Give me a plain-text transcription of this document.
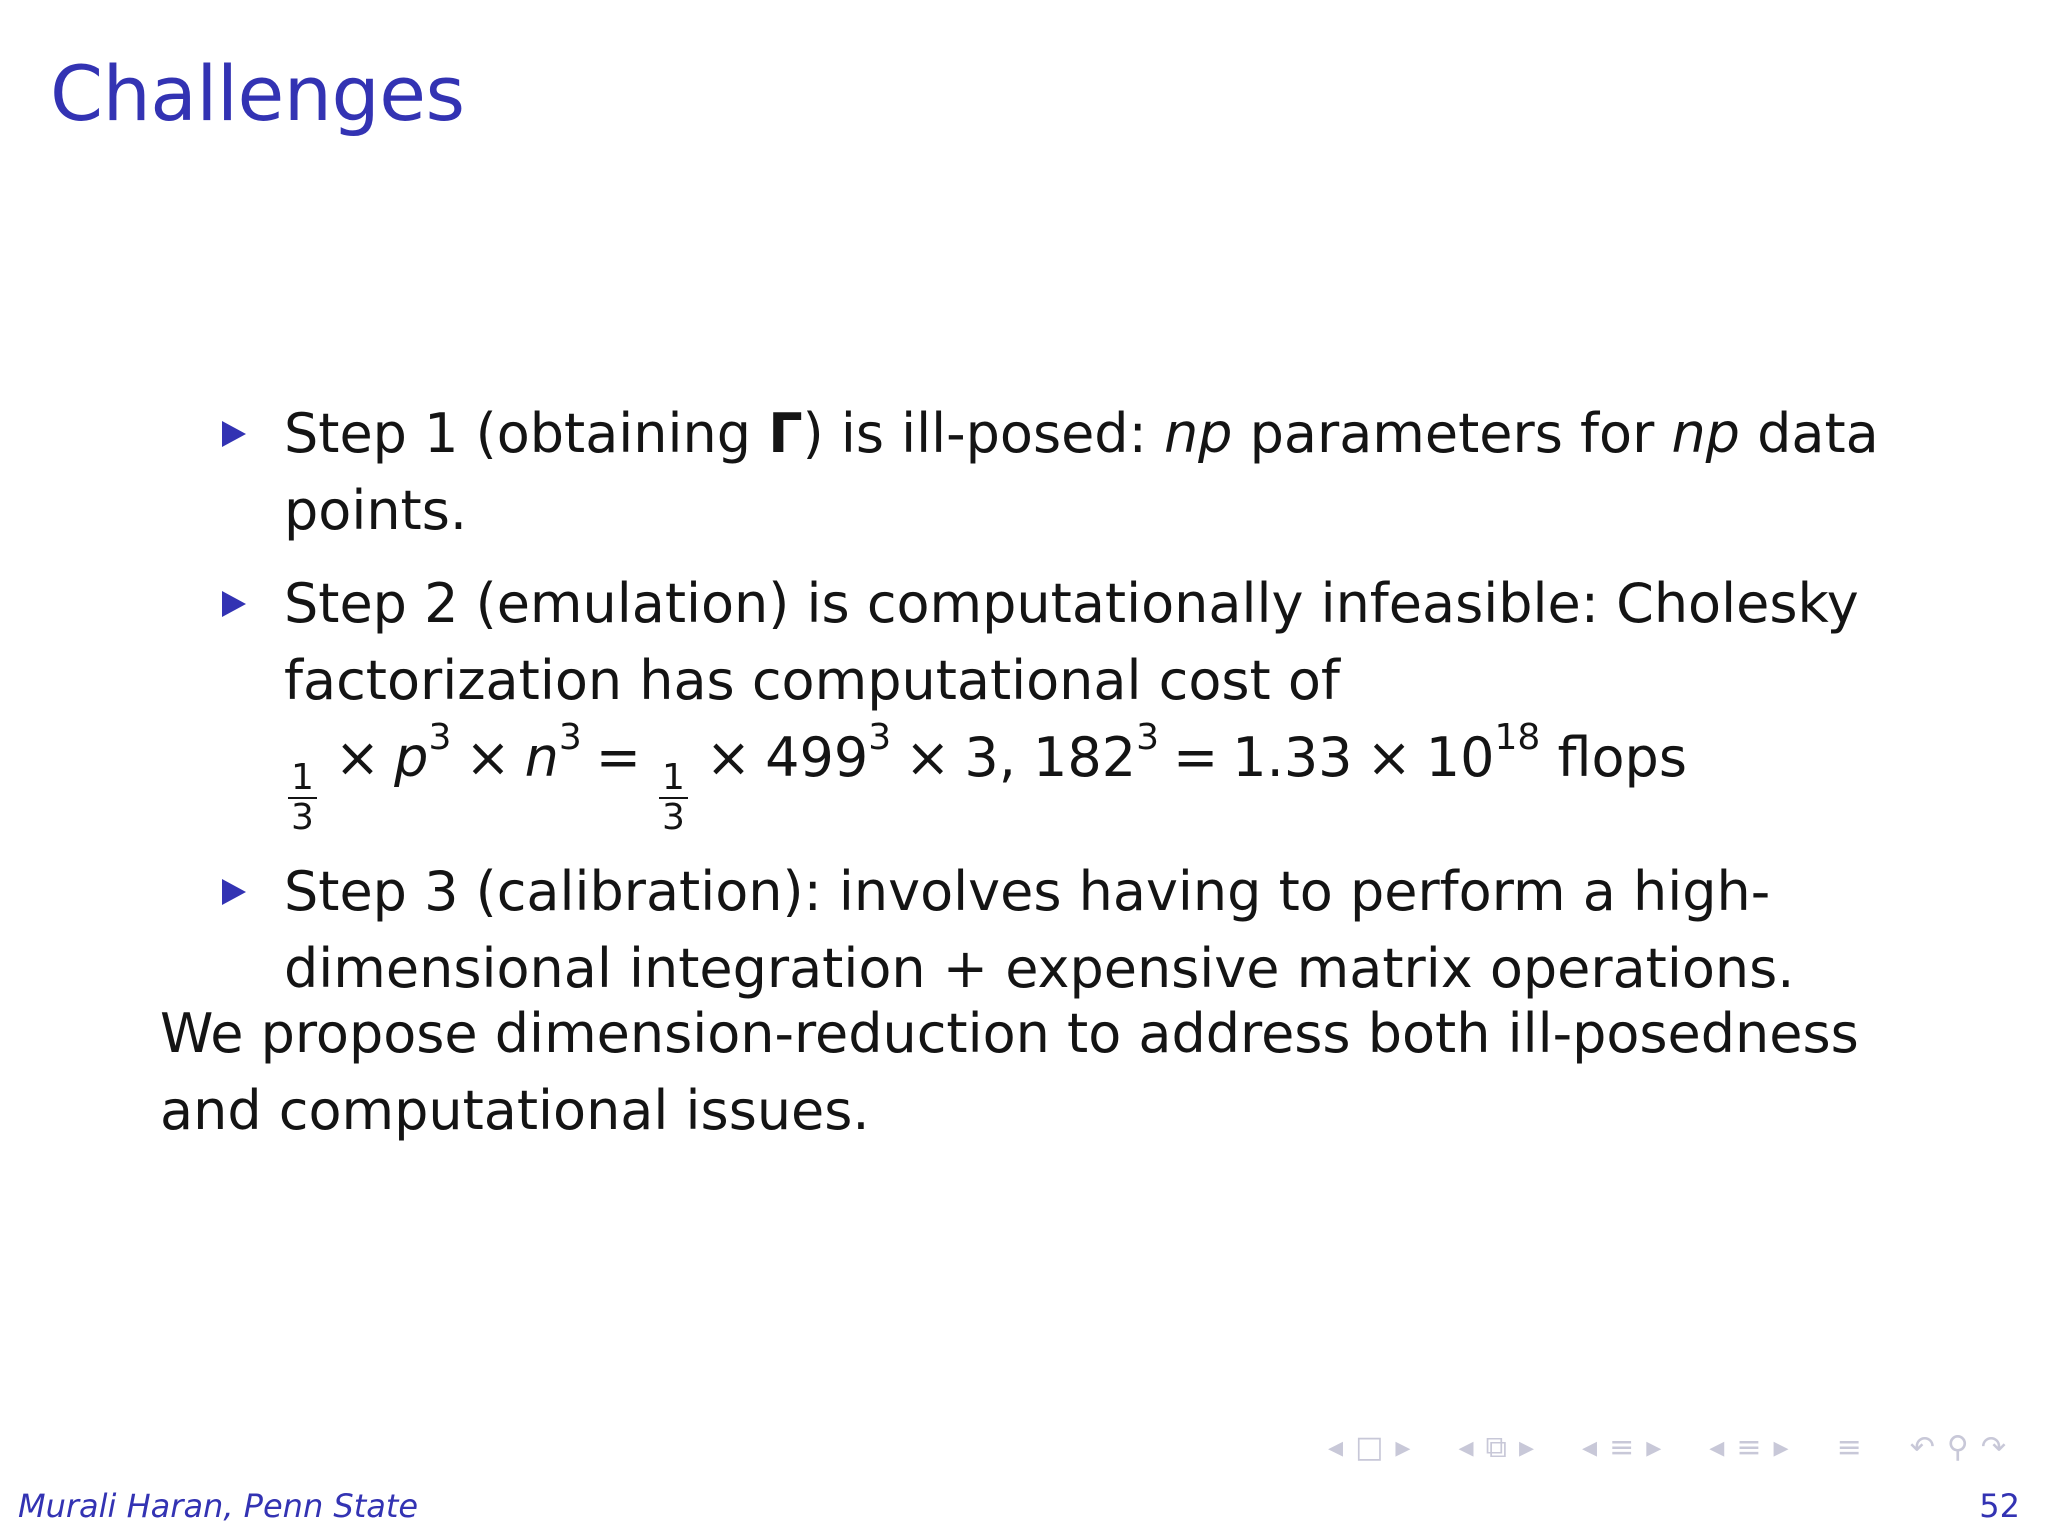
Challenges
Step 1 (obtaining Γ) is ill-posed: np parameters for np data points.
Step 2 (emulation) is computationally infeasible: Cholesky factorization has computational cost of

$\frac{1}{3}$
× $p^3 \times n^3$ =
$\frac{1}{3}$
× $499^3 \times 3$, $182^3 = 1.33 \times 10^{18}$ flops
Step 3 (calibration): involves having to perform a high-dimensional integration + expensive matrix operations.
We propose dimension-reduction to address both ill-posedness and computational issues.
◂ □ ▸ ◂ ⧉ ▸ ◂ ≡ ▸ ◂ ≡ ▸ ≡ ↶ ⚲ ↷
Murali Haran, Penn State	52
